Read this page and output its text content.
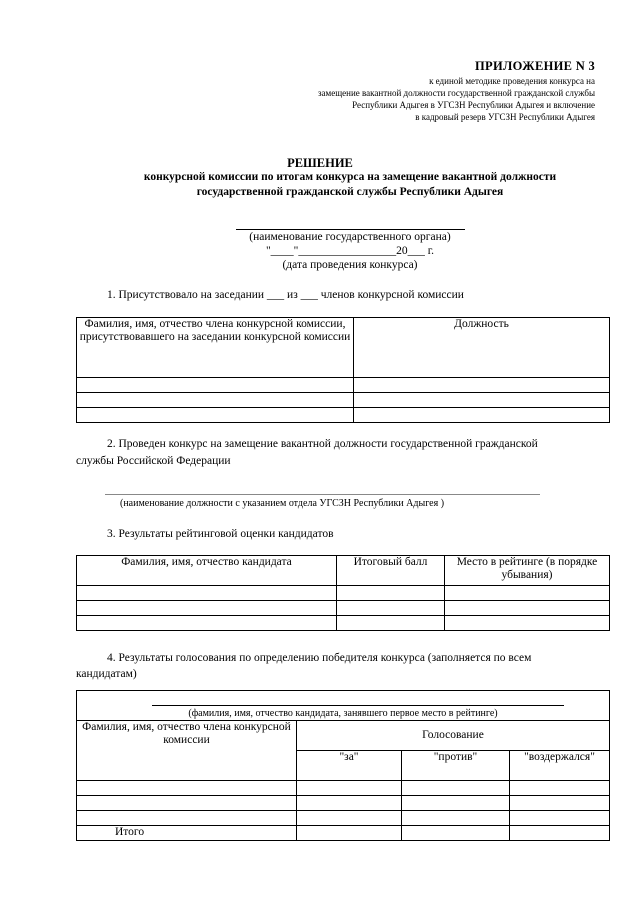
ПРИЛОЖЕНИЕ N 3
к единой методике проведения конкурса на
замещение вакантной должности государственной гражданской службы
Республики Адыгея в УГСЗН Республики Адыгея и включение
в кадровый резерв УГСЗН Республики Адыгея
РЕШЕНИЕ
конкурсной комиссии по итогам конкурса на замещение вакантной должности
государственной гражданской службы Республики Адыгея
(наименование государственного органа)
"____"_________________20___ г.
(дата проведения конкурса)
1. Присутствовало на заседании ___ из ___ членов конкурсной комиссии
Фамилия, имя, отчество члена конкурсной комиссии, присутствовавшего на заседании конкурсной комиссии	Должность

2. Проведен конкурс на замещение вакантной должности государственной гражданской
службы Российской Федерации
(наименование должности с указанием отдела УГСЗН Республики Адыгея )
3. Результаты рейтинговой оценки кандидатов
Фамилия, имя, отчество кандидата	Итоговый балл	Место в рейтинге (в порядке убывания)

4. Результаты голосования по определению победителя конкурса (заполняется по всем
кандидатам)
(фамилия, имя, отчество кандидата, занявшего первое место в рейтинге)			

Фамилия, имя, отчество члена конкурсной комиссии	Голосование		
	"за"	"против"	"воздержался"

Итого			
